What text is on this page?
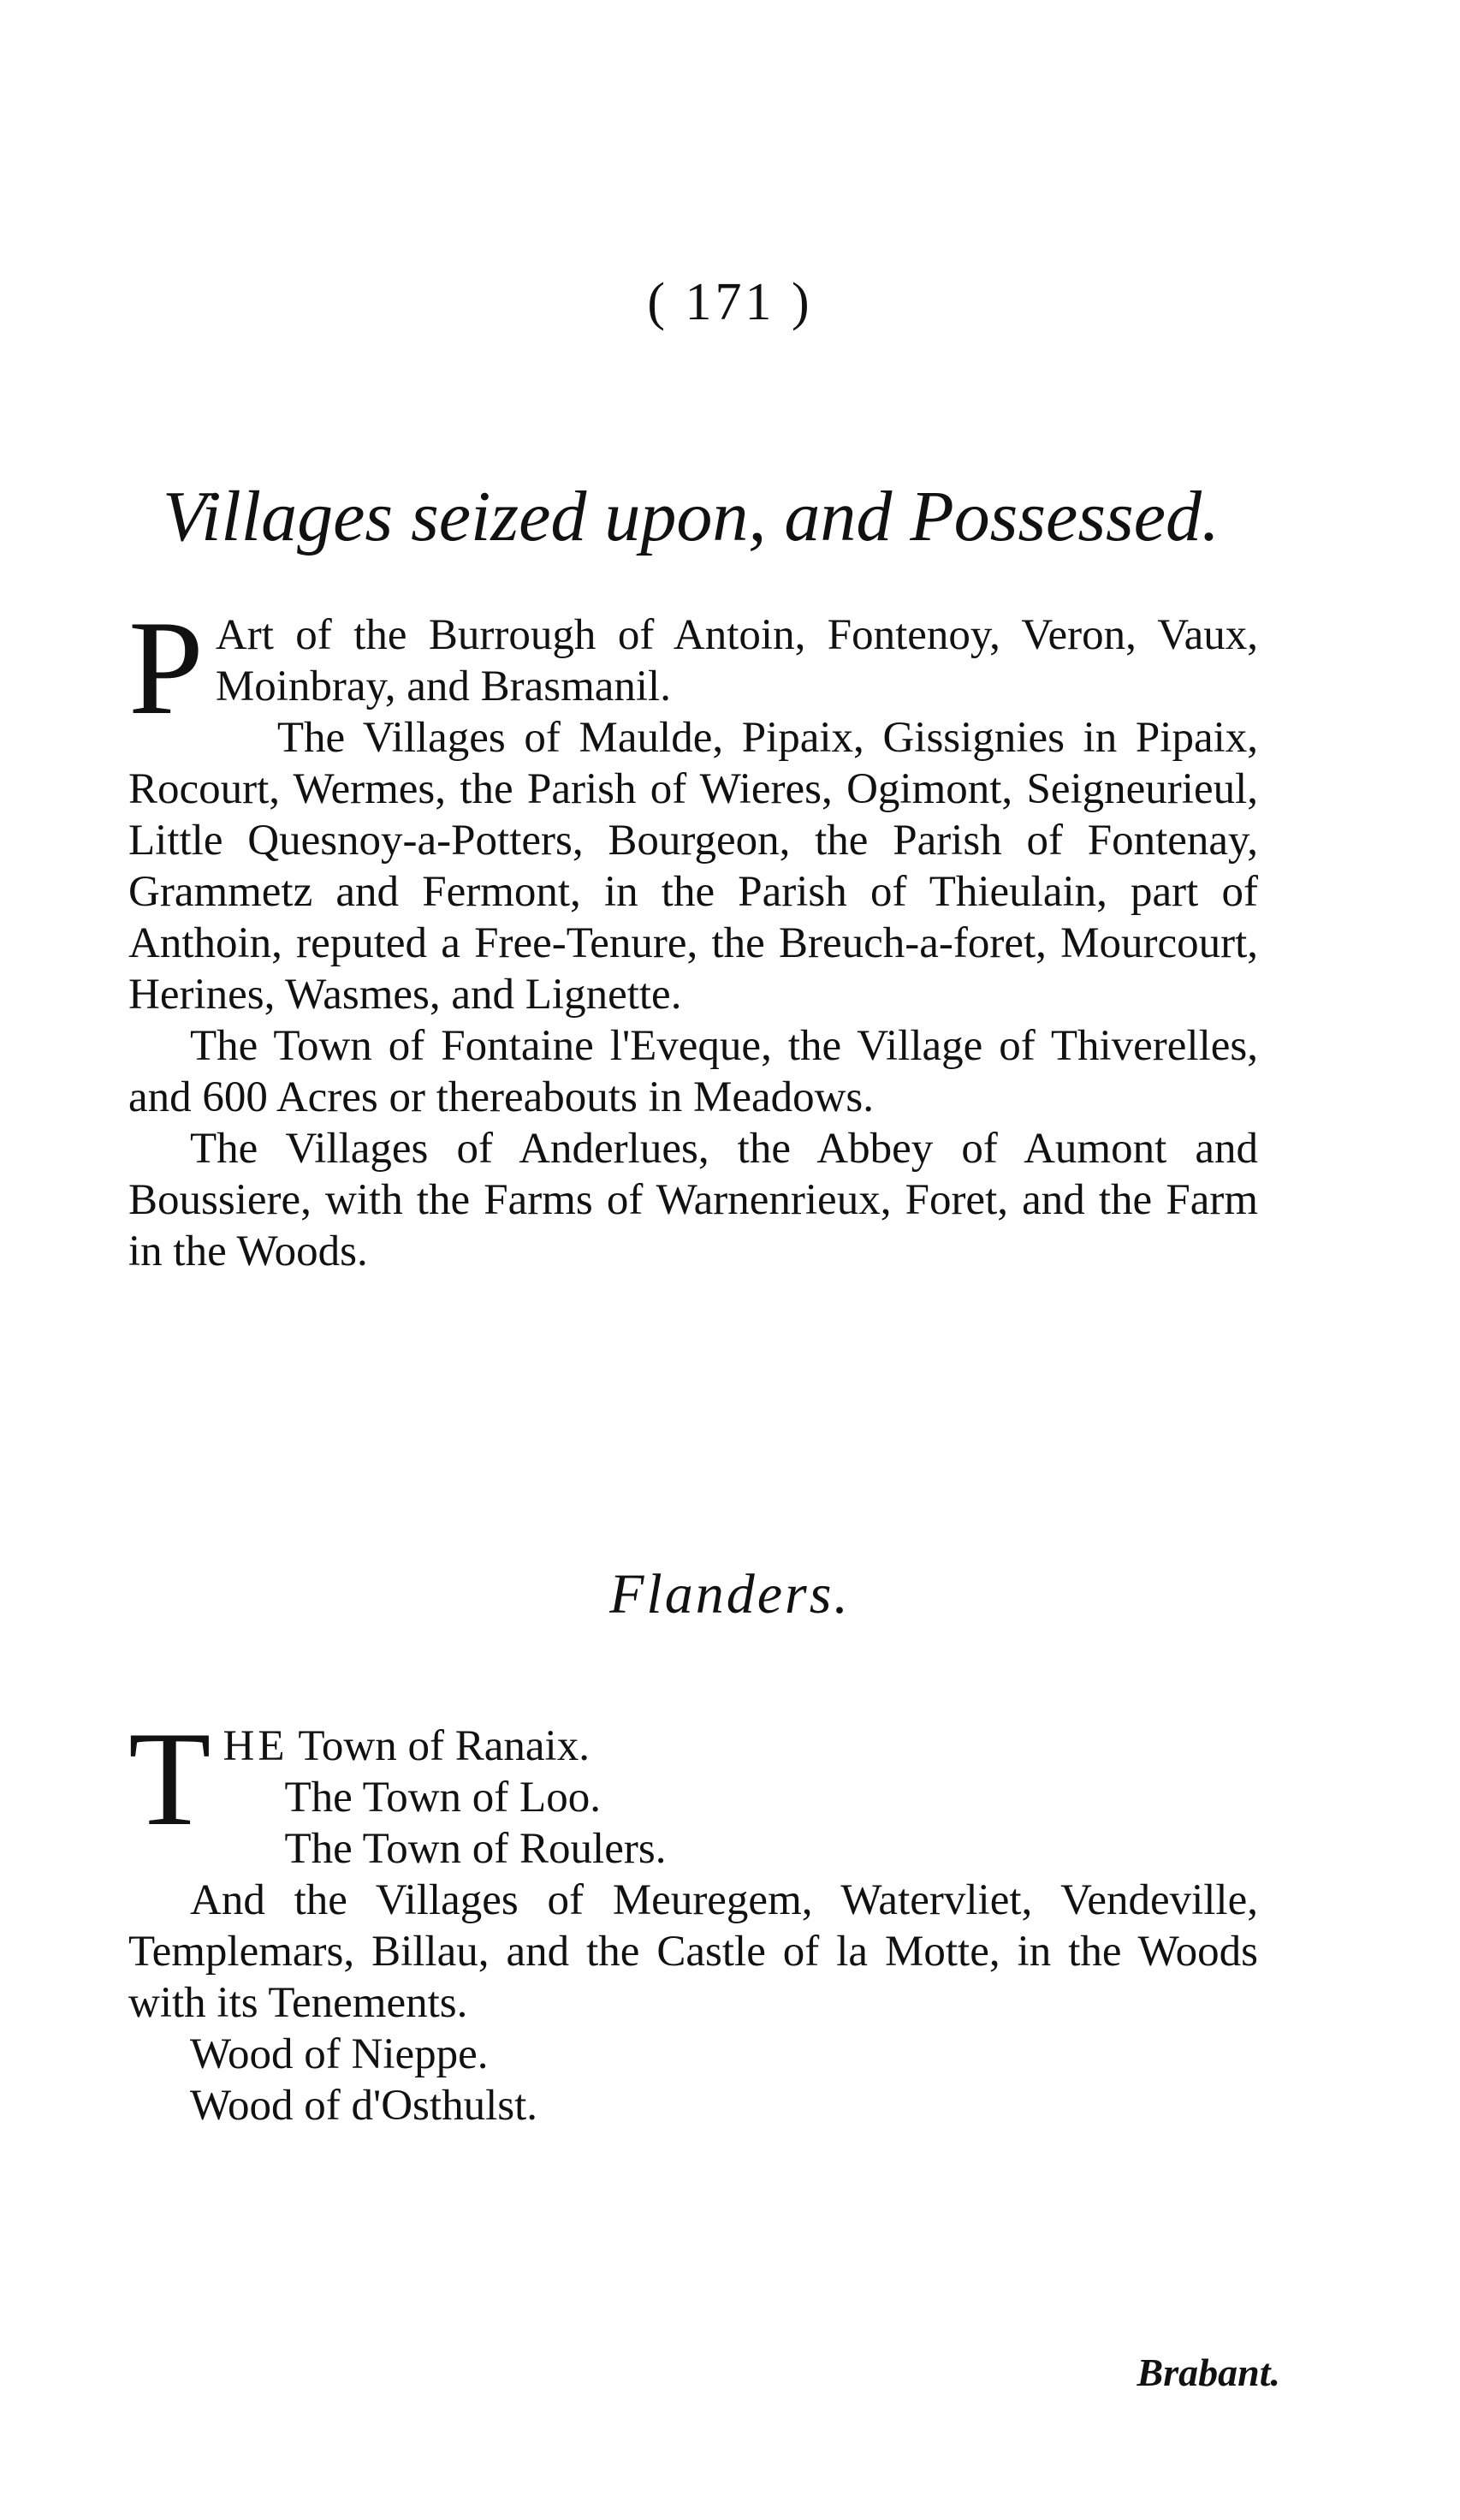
( 171 )
Villages seized upon, and Possessed.

P Art of the Burrough of Antoin, Fontenoy, Veron, Vaux, Moinbray, and Brasmanil.

The Villages of Maulde, Pipaix, Gissignies in Pipaix, Rocourt, Wermes, the Parish of Wieres, Ogimont, Seigneurieul, Little Quesnoy-a-Potters, Bourgeon, the Parish of Fontenay, Grammetz and Fermont, in the Parish of Thieulain, part of Anthoin, reputed a Free-Tenure, the Breuch-a-foret, Mourcourt, Herines, Wasmes, and Lignette.

The Town of Fontaine l'Eveque, the Village of Thiverelles, and 600 Acres or thereabouts in Meadows.

The Villages of Anderlues, the Abbey of Aumont and Boussiere, with the Farms of Warnenrieux, Foret, and the Farm in the Woods.

Flanders.

THE Town of Ranaix.

The Town of Loo.

The Town of Roulers.

And the Villages of Meuregem, Watervliet, Vendeville, Templemars, Billau, and the Castle of la Motte, in the Woods with its Tenements.

Wood of Nieppe.

Wood of d'Osthulst.

Brabant.
